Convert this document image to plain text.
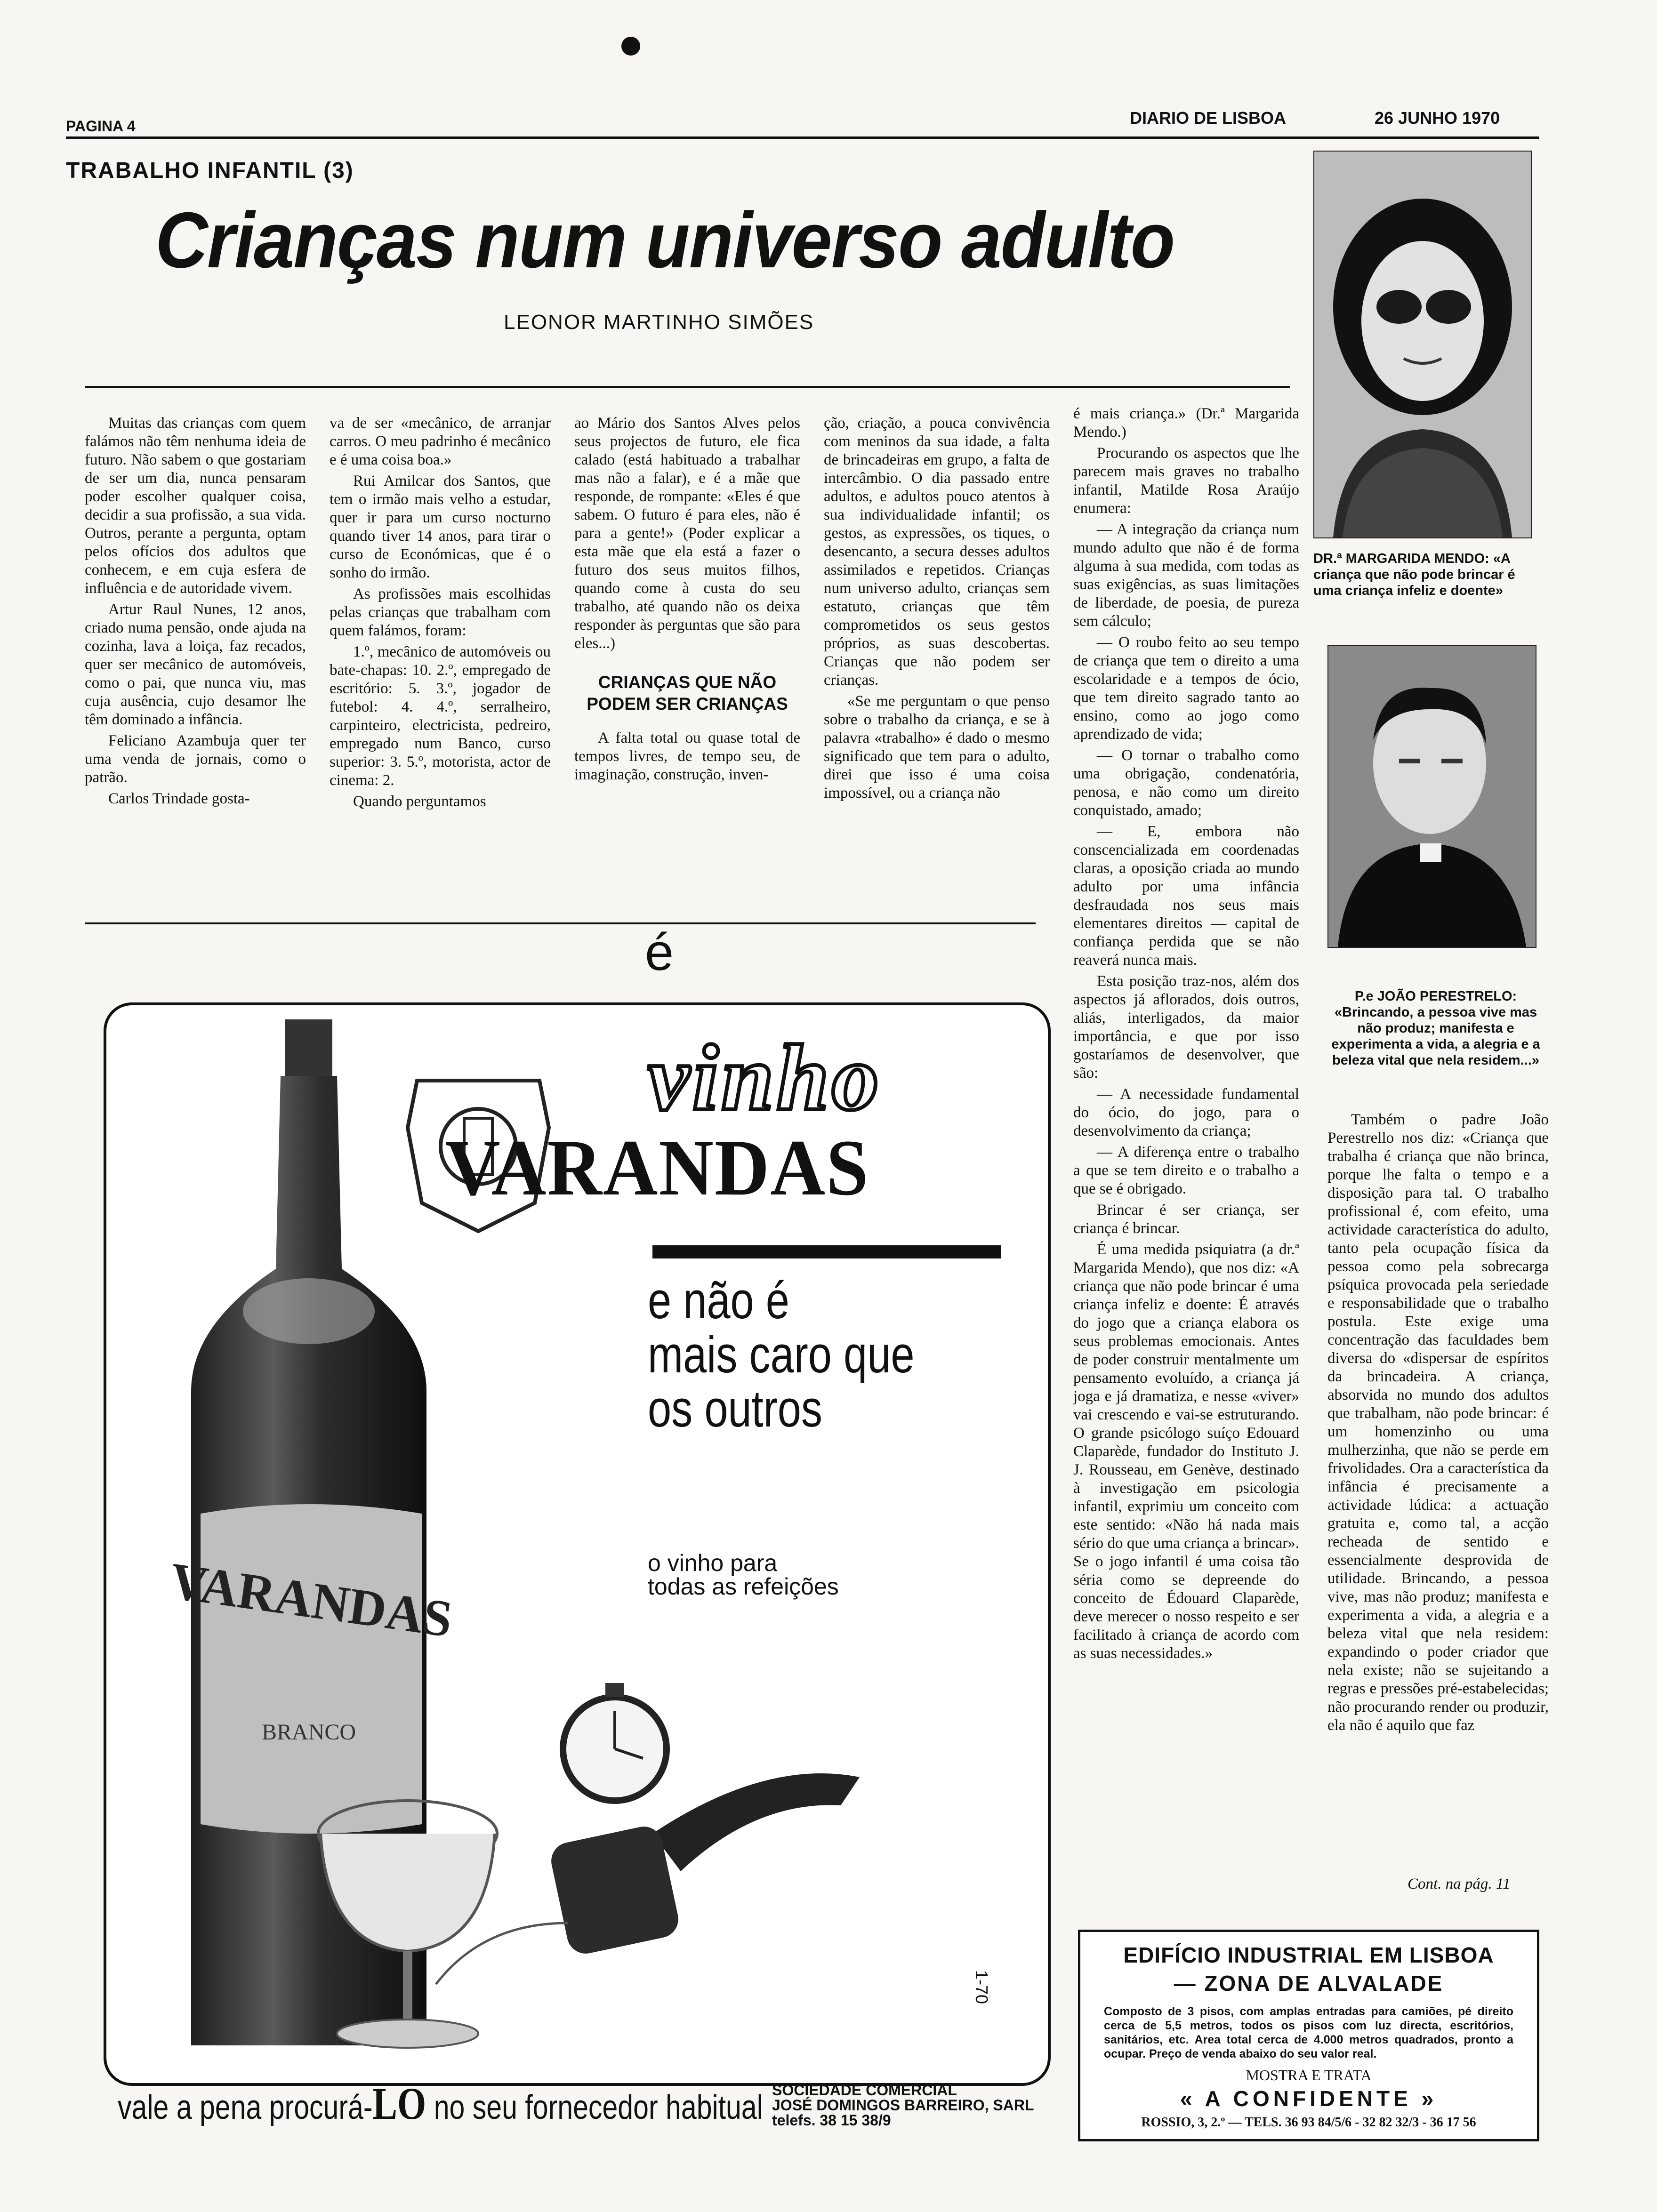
PAGINA 4	DIARIO DE LISBOA	26 JUNHO 1970
TRABALHO INFANTIL (3)
Crianças num universo adulto
LEONOR MARTINHO SIMÕES

Muitas das crianças com quem falámos não têm nenhuma ideia de futuro. Não sabem o que gostariam de ser um dia, nunca pensaram poder escolher qualquer coisa, decidir a sua profissão, a sua vida. Outros, perante a pergunta, optam pelos ofícios dos adultos que conhecem, e em cuja esfera de influência e de autoridade vivem.

Artur Raul Nunes, 12 anos, criado numa pensão, onde ajuda na cozinha, lava a loiça, faz recados, quer ser mecânico de automóveis, como o pai, que nunca viu, mas cuja ausência, cujo desamor lhe têm dominado a infância.

Feliciano Azambuja quer ter uma venda de jornais, como o patrão.

Carlos Trindade gosta-

va de ser «mecânico, de arranjar carros. O meu padrinho é mecânico e é uma coisa boa.»

Rui Amilcar dos Santos, que tem o irmão mais velho a estudar, quer ir para um curso nocturno quando tiver 14 anos, para tirar o curso de Económicas, que é o sonho do irmão.

As profissões mais escolhidas pelas crianças que trabalham com quem falámos, foram:

1.º, mecânico de automóveis ou bate-chapas: 10. 2.º, empregado de escritório: 5. 3.º, jogador de futebol: 4. 4.º, serralheiro, carpinteiro, electricista, pedreiro, empregado num Banco, curso superior: 3. 5.º, motorista, actor de cinema: 2.

Quando perguntamos

ao Mário dos Santos Alves pelos seus projectos de futuro, ele fica calado (está habituado a trabalhar mas não a falar), e é a mãe que responde, de rompante: «Eles é que sabem. O futuro é para eles, não é para a gente!» (Poder explicar a esta mãe que ela está a fazer o futuro dos seus muitos filhos, quando come à custa do seu trabalho, até quando não os deixa responder às perguntas que são para eles...)

CRIANÇAS QUE NÃO PODEM SER CRIANÇAS

A falta total ou quase total de tempos livres, de tempo seu, de imaginação, construção, inven-

ção, criação, a pouca convivência com meninos da sua idade, a falta de brincadeiras em grupo, a falta de intercâmbio. O dia passado entre adultos, e adultos pouco atentos à sua individualidade infantil; os gestos, as expressões, os tiques, o desencanto, a secura desses adultos assimilados e repetidos. Crianças num universo adulto, crianças sem estatuto, crianças que têm comprometidos os seus gestos próprios, as suas descobertas. Crianças que não podem ser crianças.

«Se me perguntam o que penso sobre o trabalho da criança, e se à palavra «trabalho» é dado o mesmo significado que tem para o adulto, direi que isso é uma coisa impossível, ou a criança não

é mais criança.» (Dr.ª Margarida Mendo.)

Procurando os aspectos que lhe parecem mais graves no trabalho infantil, Matilde Rosa Araújo enumera:

— A integração da criança num mundo adulto que não é de forma alguma à sua medida, com todas as suas exigências, as suas limitações de liberdade, de poesia, de pureza sem cálculo;

— O roubo feito ao seu tempo de criança que tem o direito a uma escolaridade e a tempos de ócio, que tem direito sagrado tanto ao ensino, como ao jogo como aprendizado de vida;

— O tornar o trabalho como uma obrigação, condenatória, penosa, e não como um direito conquistado, amado;

— E, embora não conscencializada em coordenadas claras, a oposição criada ao mundo adulto por uma infância desfraudada nos seus mais elementares direitos — capital de confiança perdida que se não reaverá nunca mais.

Esta posição traz-nos, além dos aspectos já aflorados, dois outros, aliás, interligados, da maior importância, e que por isso gostaríamos de desenvolver, que são:

— A necessidade fundamental do ócio, do jogo, para o desenvolvimento da criança;

— A diferença entre o trabalho a que se tem direito e o trabalho a que se é obrigado.

Brincar é ser criança, ser criança é brincar.

É uma medida psiquiatra (a dr.ª Margarida Mendo), que nos diz: «A criança que não pode brincar é uma criança infeliz e doente: É através do jogo que a criança elabora os seus problemas emocionais. Antes de poder construir mentalmente um pensamento evoluído, a criança já joga e já dramatiza, e nesse «viver» vai crescendo e vai-se estruturando. O grande psicólogo suíço Edouard Claparède, fundador do Instituto J. J. Rousseau, em Genève, destinado à investigação em psicologia infantil, exprimiu um conceito com este sentido: «Não há nada mais sério do que uma criança a brincar». Se o jogo infantil é uma coisa tão séria como se depreende do conceito de Édouard Claparède, deve merecer o nosso respeito e ser facilitado à criança de acordo com as suas necessidades.»

DR.ª MARGARIDA MENDO: «A criança que não pode brincar é uma criança infeliz e doente»
P.e JOÃO PERESTRELO: «Brincando, a pessoa vive mas não produz; manifesta e experimenta a vida, a alegria e a beleza vital que nela residem...»

Também o padre João Perestrello nos diz: «Criança que trabalha é criança que não brinca, porque lhe falta o tempo e a disposição para tal. O trabalho profissional é, com efeito, uma actividade característica do adulto, tanto pela ocupação física da pessoa como pela sobrecarga psíquica provocada pela seriedade e responsabilidade que o trabalho postula. Este exige uma concentração das faculdades bem diversa do «dispersar de espíritos da brincadeira. A criança, absorvida no mundo dos adultos que trabalham, não pode brincar: é um homenzinho ou uma mulherzinha, que não se perde em frivolidades. Ora a característica da infância é precisamente a actividade lúdica: a actuação gratuita e, como tal, a acção recheada de sentido e essencialmente desprovida de utilidade. Brincando, a pessoa vive, mas não produz; manifesta e experimenta a vida, a alegria e a beleza vital que nela residem: expandindo o poder criador que nela existe; não se sujeitando a regras e pressões pré-estabelecidas; não procurando render ou produzir, ela não é aquilo que faz

Cont. na pág. 11
é
VARANDAS
BRANCO
vinho
VARANDAS
e não é
mais caro que
os outros
o vinho para
todas as refeições
1-70
vale a pena procurá-LO no seu fornecedor habitual SOCIEDADE COMERCIAL
JOSÉ DOMINGOS BARREIRO, SARL
telefs. 38 15 38/9
EDIFÍCIO INDUSTRIAL EM LISBOA
— ZONA DE ALVALADE
Composto de 3 pisos, com amplas entradas para camiões, pé direito cerca de 5,5 metros, todos os pisos com luz directa, escritórios, sanitários, etc. Area total cerca de 4.000 metros quadrados, pronto a ocupar. Preço de venda abaixo do seu valor real.
MOSTRA E TRATA
« A CONFIDENTE »
ROSSIO, 3, 2.º — TELS. 36 93 84/5/6 - 32 82 32/3 - 36 17 56
